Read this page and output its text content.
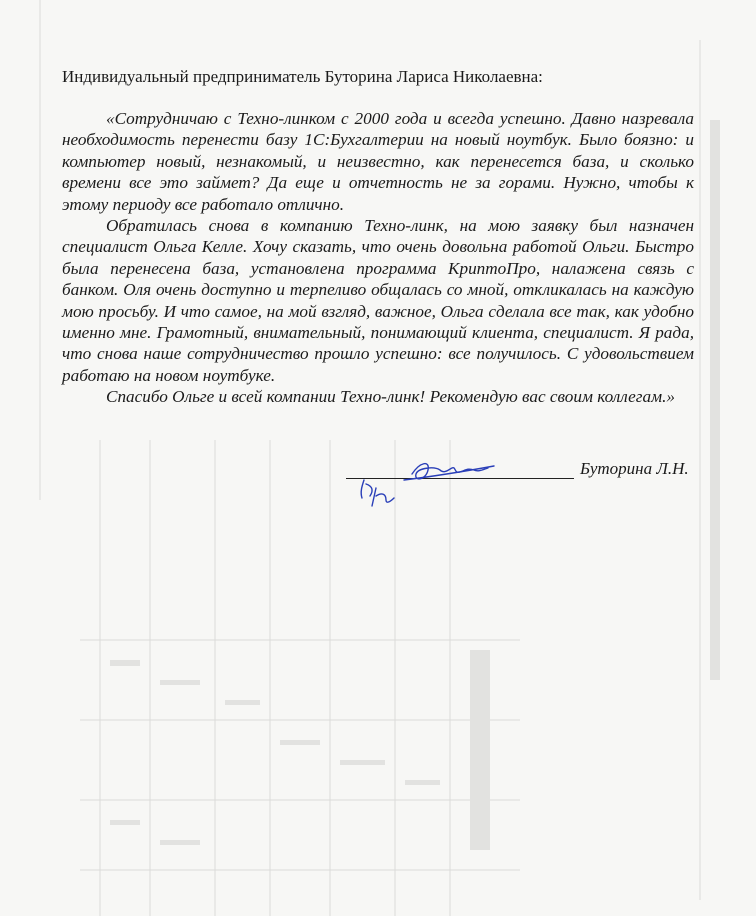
Индивидуальный предприниматель Буторина Лариса Николаевна:

«Сотрудничаю с Техно-линком с 2000 года и всегда успешно. Давно назревала необходимость перенести базу 1С:Бухгалтерии на новый ноутбук. Было боязно: и компьютер новый, незнакомый, и неизвестно, как перенесется база, и сколько времени все это займет? Да еще и отчетность не за горами. Нужно, чтобы к этому периоду все работало отлично.

Обратилась снова в компанию Техно-линк, на мою заявку был назначен специалист Ольга Келле. Хочу сказать, что очень довольна работой Ольги. Быстро была перенесена база, установлена программа КриптоПро, налажена связь с банком. Оля очень доступно и терпеливо общалась со мной, откликалась на каждую мою просьбу. И что самое, на мой взгляд, важное, Ольга сделала все так, как удобно именно мне. Грамотный, внимательный, понимающий клиента, специалист. Я рада, что снова наше сотрудничество прошло успешно: все получилось. С удовольствием работаю на новом ноутбуке.

Спасибо Ольге и всей компании Техно-линк! Рекомендую вас своим коллегам.»

Буторина Л.Н.
